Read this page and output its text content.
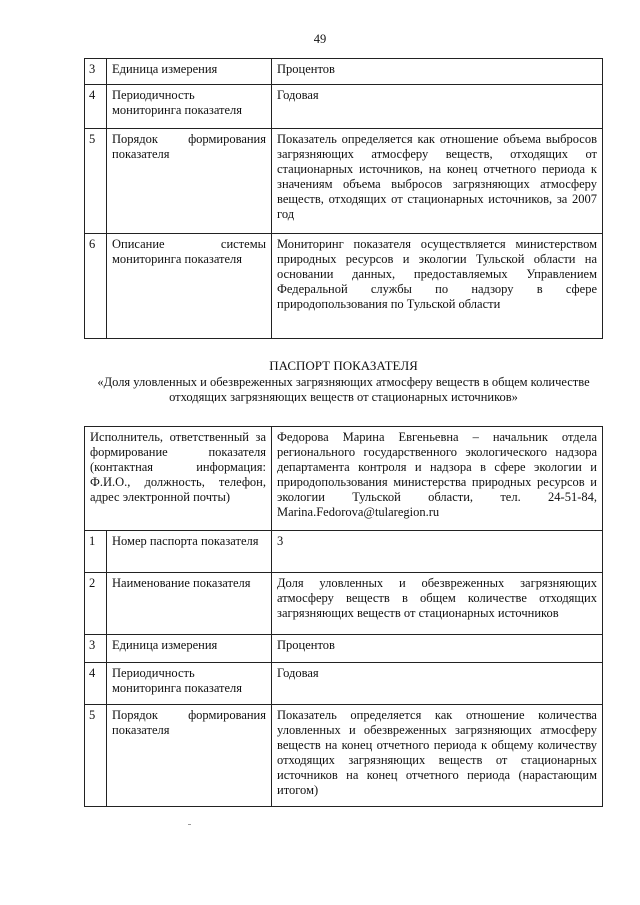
49
3	Единица измерения	Процентов
4	Периодичность мониторинга показателя	Годовая
5	Порядок формирования показателя	Показатель определяется как отношение объема выбросов загрязняющих атмосферу веществ, отходящих от стационарных источников, на конец отчетного периода к значениям объема выбросов загрязняющих атмосферу веществ, отходящих от стационарных источников, за 2007 год
6	Описание системы мониторинга показателя	Мониторинг показателя осуществляется министерством природных ресурсов и экологии Тульской области на основании данных, предоставляемых Управлением Федеральной службы по надзору в сфере природопользования по Тульской области
ПАСПОРТ ПОКАЗАТЕЛЯ
«Доля уловленных и обезвреженных загрязняющих атмосферу веществ в общем количестве отходящих загрязняющих веществ от стационарных источников»
Исполнитель, ответственный за формирование показателя (контактная информация: Ф.И.О., должность, телефон, адрес электронной почты)		Федорова Марина Евгеньевна – начальник отдела регионального государственного экологического надзора департамента контроля и надзора в сфере экологии и природопользования министерства природных ресурсов и экологии Тульской области, тел. 24-51-84, Marina.Fedorova@tularegion.ru
1	Номер паспорта показателя	3
2	Наименование показателя	Доля уловленных и обезвреженных загрязняющих атмосферу веществ в общем количестве отходящих загрязняющих веществ от стационарных источников
3	Единица измерения	Процентов
4	Периодичность мониторинга показателя	Годовая
5	Порядок формирования показателя	Показатель определяется как отношение количества уловленных и обезвреженных загрязняющих атмосферу веществ на конец отчетного периода к общему количеству отходящих загрязняющих веществ от стационарных источников на конец отчетного периода (нарастающим итогом)
